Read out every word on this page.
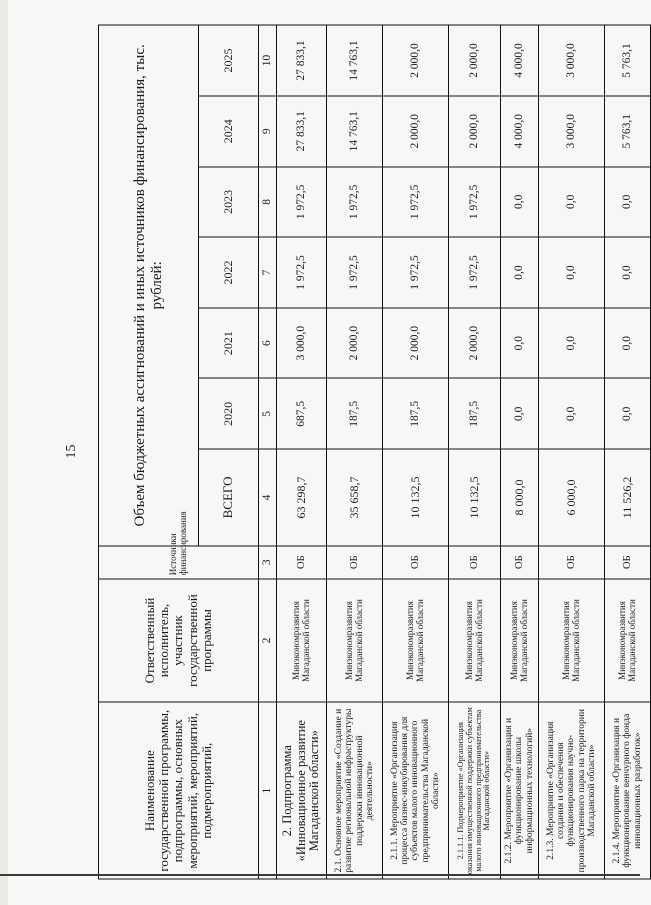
15
Наименование государственной программы, подпрограммы, основных мероприятий, мероприятий, подмероприятий,	Ответственный исполнитель, участник государственной программы	Источники финансирования	Объем бюджетных ассигнований и иных источников финансирования, тыс. рублей:						
			ВСЕГО	2020	2021	2022	2023	2024	2025
1	2	3	4	5	6	7	8	9	10
2. Подпрограмма «Инновационное развитие Магаданской области»	Минэкономразвития Магаданской области	ОБ	63 298,7	687,5	3 000,0	1 972,5	1 972,5	27 833,1	27 833,1
2.1. Основное мероприятие «Создание и развитие региональной инфраструктуры поддержки инновационной деятельности»	Минэкономразвития Магаданской области	ОБ	35 658,7	187,5	2 000,0	1 972,5	1 972,5	14 763,1	14 763,1
2.1.1. Мероприятие «Организация процесса бизнес-инкубирования для субъектов малого инновационного предпринимательства Магаданской области»	Минэкономразвития Магаданской области	ОБ	10 132,5	187,5	2 000,0	1 972,5	1 972,5	2 000,0	2 000,0
2.1.1.1. Подмероприятие «Организация оказания имущественной поддержки субъектам малого инновационного предпринимательства Магаданской области»	Минэкономразвития Магаданской области	ОБ	10 132,5	187,5	2 000,0	1 972,5	1 972,5	2 000,0	2 000,0
2.1.2. Мероприятие «Организация и функционирование школы информационных технологий»	Минэкономразвития Магаданской области	ОБ	8 000,0	0,0	0,0	0,0	0,0	4 000,0	4 000,0
2.1.3. Мероприятие «Организация создания и обеспечения функционирования научно-производственного парка на территории Магаданской области»	Минэкономразвития Магаданской области	ОБ	6 000,0	0,0	0,0	0,0	0,0	3 000,0	3 000,0
2.1.4. Мероприятие «Организация и функционирование венчурного фонда инновационных разработок»	Минэкономразвития Магаданской области	ОБ	11 526,2	0,0	0,0	0,0	0,0	5 763,1	5 763,1
